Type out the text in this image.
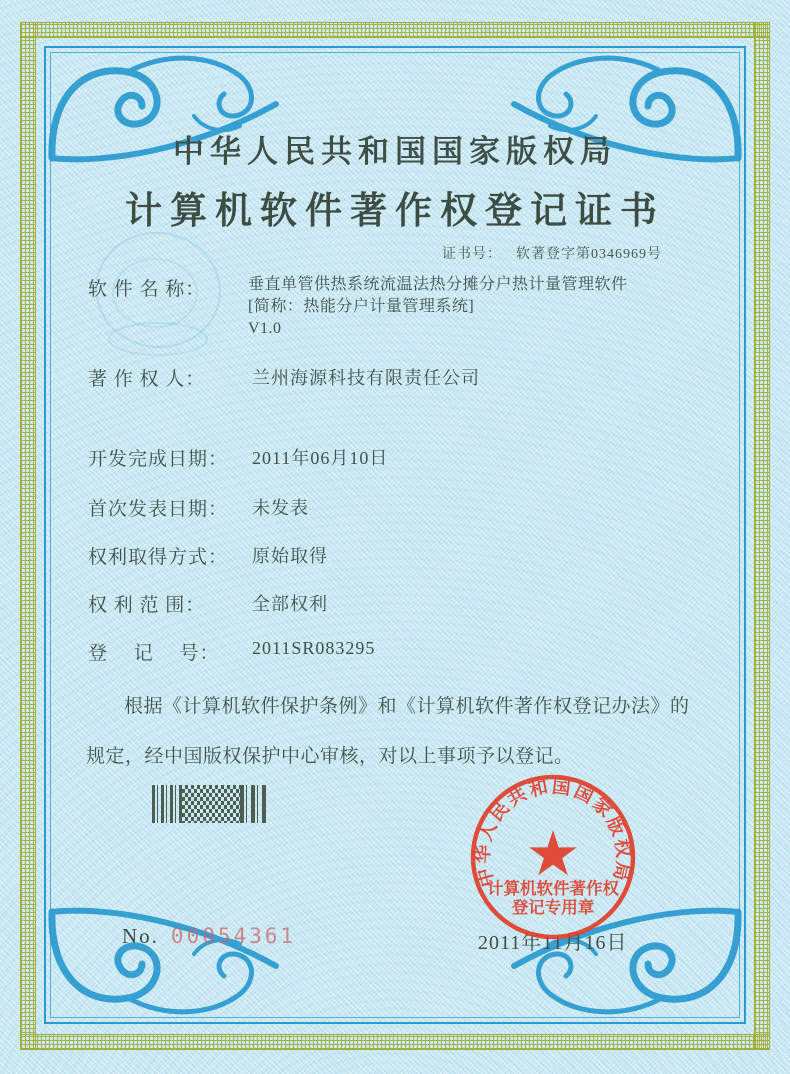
中华人民共和国国家版权局
计算机软件著作权登记证书
证书号： 软著登字第0346969号
软 件 名 称：	垂直单管供热系统流温法热分摊分户热计量管理软件
[简称：热能分户计量管理系统]
V1.0
著 作 权 人：	兰州海源科技有限责任公司
开发完成日期：	2011年06月10日
首次发表日期：	未发表
权利取得方式：	原始取得
权 利 范 围：	全部权利
登　 记　 号：	2011SR083295
根据《计算机软件保护条例》和《计算机软件著作权登记办法》的
规定，经中国版权保护中心审核，对以上事项予以登记。
2011年11月16日
中华人民共和国国家版权局
★
计算机软件著作权
登记专用章
No. 00054361
